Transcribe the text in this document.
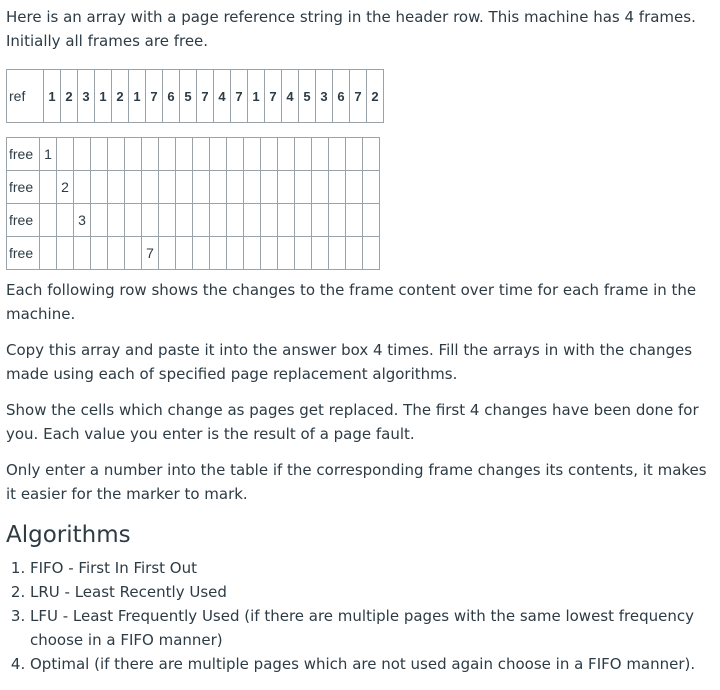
Here is an array with a page reference string in the header row. This machine has 4 frames. Initially all frames are free.

ref	1	2	3	1	2	1	7	6	5	7	4	7	1	7	4	5	3	6	7	2
free	1																			
free		2																		
free			3																	
free							7													

Each following row shows the changes to the frame content over time for each frame in the machine.

Copy this array and paste it into the answer box 4 times. Fill the arrays in with the changes made using each of specified page replacement algorithms.

Show the cells which change as pages get replaced. The first 4 changes have been done for you. Each value you enter is the result of a page fault.

Only enter a number into the table if the corresponding frame changes its contents, it makes it easier for the marker to mark.

Algorithms
1. FIFO - First In First Out
2. LRU - Least Recently Used
3. LFU - Least Frequently Used (if there are multiple pages with the same lowest frequency choose in a FIFO manner)
4. Optimal (if there are multiple pages which are not used again choose in a FIFO manner).
